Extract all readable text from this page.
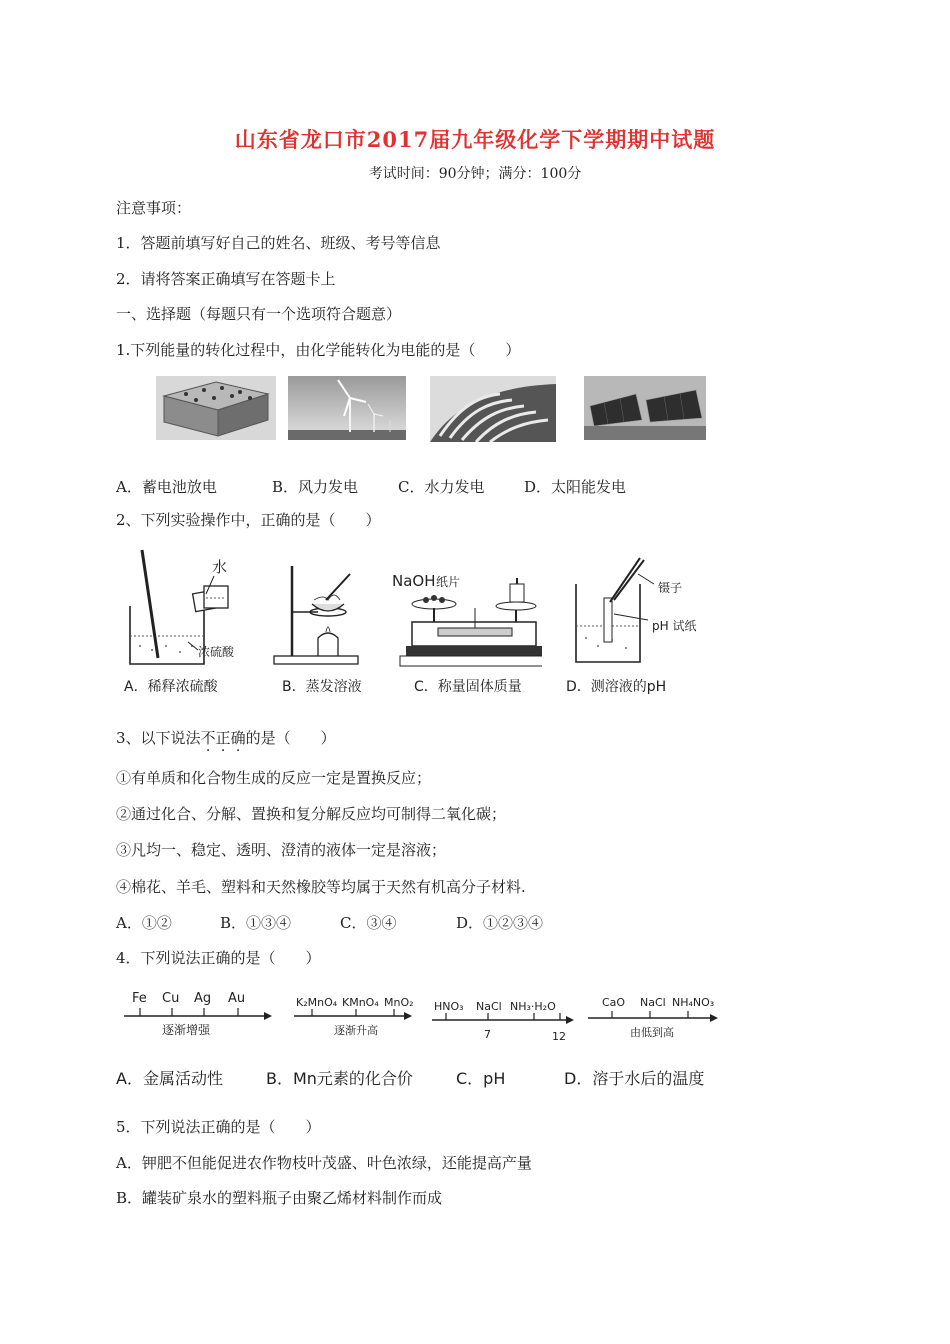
山东省龙口市2017届九年级化学下学期期中试题
考试时间：90分钟；满分：100分
注意事项：
1．答题前填写好自己的姓名、班级、考号等信息
2．请将答案正确填写在答题卡上
一、选择题（每题只有一个选项符合题意）
1.下列能量的转化过程中，由化学能转化为电能的是（　　）
A．蓄电池放电	B．风力发电	C．水力发电	D．太阳能发电
2、下列实验操作中，正确的是（　　）
水
浓硫酸
NaOH 纸片	镊子
pH 试纸
A．稀释浓硫酸	B．蒸发溶液	C．称量固体质量	D．测溶液的pH
3、以下说法不正确的是（　　）
①有单质和化合物生成的反应一定是置换反应；
②通过化合、分解、置换和复分解反应均可制得二氧化碳；
③凡均一、稳定、透明、澄清的液体一定是溶液；
④棉花、羊毛、塑料和天然橡胶等均属于天然有机高分子材料.
A．①②	B．①③④	C．③④	D．①②③④
4．下列说法正确的是（　　）
Fe Cu Ag Au
逐渐增强
K₂MnO₄ KMnO₄ MnO₂
逐渐升高
HNO₃ NaCl NH₃·H₂O
7	12
CaO NaCl NH₄NO₃
由低到高
A．金属活动性	B．Mn元素的化合价	C．pH	D．溶于水后的温度
5．下列说法正确的是（　　）
A．钾肥不但能促进农作物枝叶茂盛、叶色浓绿，还能提高产量
B．罐装矿泉水的塑料瓶子由聚乙烯材料制作而成
